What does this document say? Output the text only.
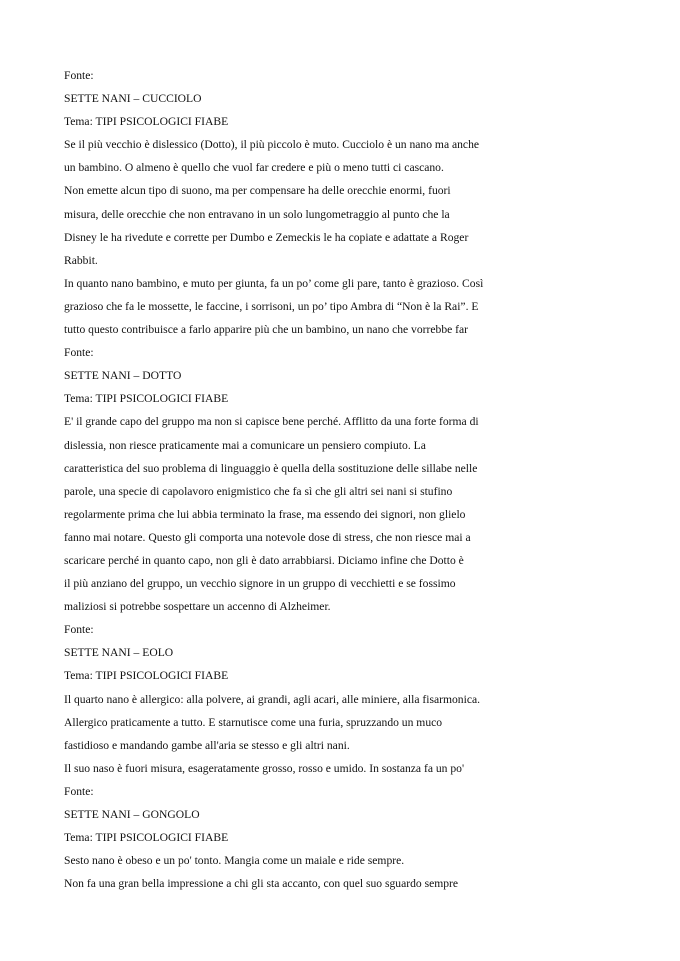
Fonte:
SETTE NANI – CUCCIOLO
Tema: TIPI PSICOLOGICI FIABE
Se il più vecchio è dislessico (Dotto), il più piccolo è muto. Cucciolo è un nano ma anche
un bambino. O almeno è quello che vuol far credere e più o meno tutti ci cascano.
Non emette alcun tipo di suono, ma per compensare ha delle orecchie enormi, fuori
misura, delle orecchie che non entravano in un solo lungometraggio al punto che la
Disney le ha rivedute e corrette per Dumbo e Zemeckis le ha copiate e adattate a Roger
Rabbit.
In quanto nano bambino, e muto per giunta, fa un po’ come gli pare, tanto è grazioso. Così
grazioso che fa le mossette, le faccine, i sorrisoni, un po’ tipo Ambra di “Non è la Rai”. E
tutto questo contribuisce a farlo apparire più che un bambino, un nano che vorrebbe far
Fonte:
SETTE NANI – DOTTO
Tema: TIPI PSICOLOGICI FIABE
E' il grande capo del gruppo ma non si capisce bene perché. Afflitto da una forte forma di
dislessia, non riesce praticamente mai a comunicare un pensiero compiuto. La
caratteristica del suo problema di linguaggio è quella della sostituzione delle sillabe nelle
parole, una specie di capolavoro enigmistico che fa sì che gli altri sei nani si stufino
regolarmente prima che lui abbia terminato la frase, ma essendo dei signori, non glielo
fanno mai notare. Questo gli comporta una notevole dose di stress, che non riesce mai a
scaricare perché in quanto capo, non gli è dato arrabbiarsi. Diciamo infine che Dotto è
il più anziano del gruppo, un vecchio signore in un gruppo di vecchietti e se fossimo
maliziosi si potrebbe sospettare un accenno di Alzheimer.
Fonte:
SETTE NANI – EOLO
Tema: TIPI PSICOLOGICI FIABE
Il quarto nano è allergico: alla polvere, ai grandi, agli acari, alle miniere, alla fisarmonica.
Allergico praticamente a tutto. E starnutisce come una furia, spruzzando un muco
fastidioso e mandando gambe all'aria se stesso e gli altri nani.
Il suo naso è fuori misura, esageratamente grosso, rosso e umido. In sostanza fa un po'
Fonte:
SETTE NANI – GONGOLO
Tema: TIPI PSICOLOGICI FIABE
Sesto nano è obeso e un po' tonto. Mangia come un maiale e ride sempre.
Non fa una gran bella impressione a chi gli sta accanto, con quel suo sguardo sempre
